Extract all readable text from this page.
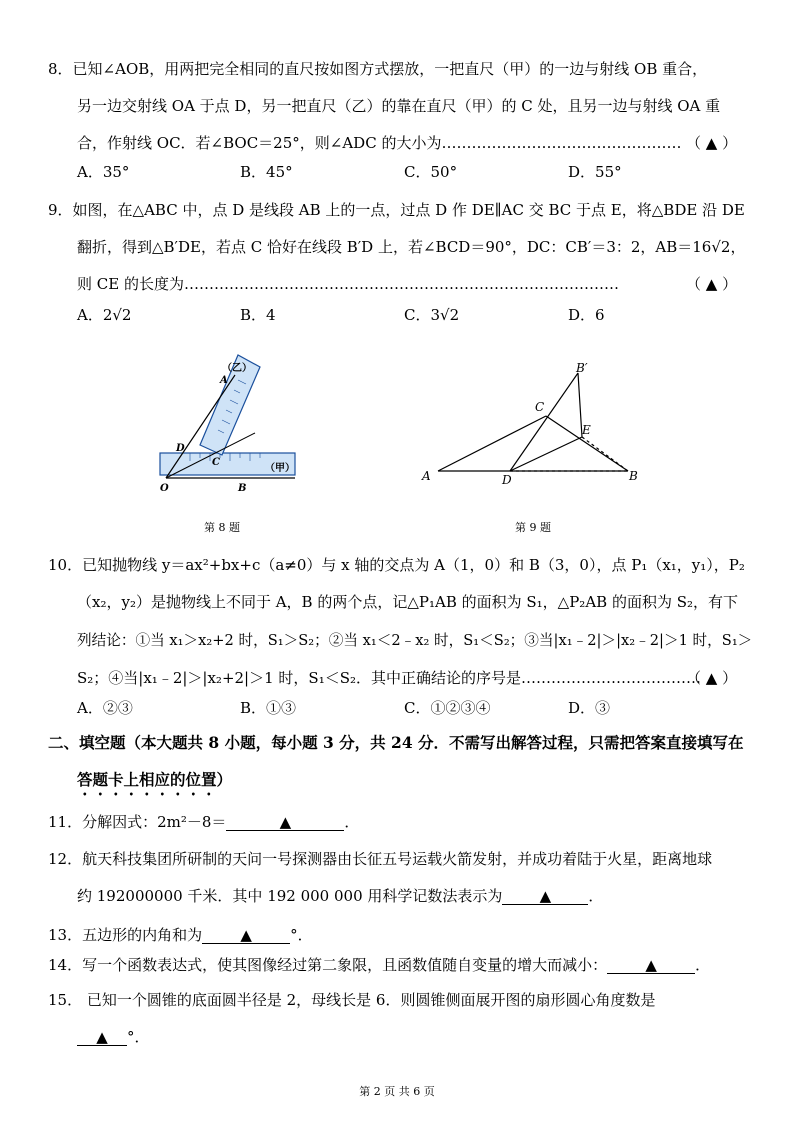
8．已知∠AOB，用两把完全相同的直尺按如图方式摆放，一把直尺（甲）的一边与射线 OB 重合，
另一边交射线 OA 于点 D，另一把直尺（乙）的靠在直尺（甲）的 C 处，且另一边与射线 OA 重
合，作射线 OC．若∠BOC＝25°，则∠ADC 的大小为………………………………………… （ ▲ ）
A．35°	B．45°	C．50°	D．55°
9．如图，在△ABC 中，点 D 是线段 AB 上的一点，过点 D 作 DE∥AC 交 BC 于点 E，将△BDE 沿 DE
翻折，得到△B′DE，若点 C 恰好在线段 B′D 上，若∠BCD＝90°，DC：CB′＝3：2，AB＝16√2，
则 CE 的长度为……………………………………………………………………………	（ ▲ ）
A．2√2	B．4	C．3√2	D．6
（甲）
（乙）
A
D
C
O	B
第 8 题
B′
C
E
A	D	B
第 9 题
10．已知抛物线 y＝ax²+bx+c（a≠0）与 x 轴的交点为 A（1，0）和 B（3，0），点 P₁（x₁，y₁），P₂
（x₂，y₂）是抛物线上不同于 A，B 的两个点，记△P₁AB 的面积为 S₁，△P₂AB 的面积为 S₂，有下
列结论：①当 x₁＞x₂+2 时，S₁＞S₂；②当 x₁＜2﹣x₂ 时，S₁＜S₂；③当|x₁﹣2|＞|x₂﹣2|＞1 时，S₁＞
S₂；④当|x₁﹣2|＞|x₂+2|＞1 时，S₁＜S₂．其中正确结论的序号是………………………………
（ ▲ ）
A．②③	B．①③	C．①②③④	D．③
二、填空题（本大题共 8 小题，每小题 3 分，共 24 分．不需写出解答过程，只需把答案直接填写在
答题卡上相应的位置）
11．分解因式：2m²－8＝	▲	．
12．航天科技集团所研制的天问一号探测器由长征五号运载火箭发射，并成功着陆于火星，距离地球
约 192000000 千米．其中 192 000 000 用科学记数法表示为 ▲ ．
13．五边形的内角和为	▲	°．
14．写一个函数表达式，使其图像经过第二象限，且函数值随自变量的增大而减小：	▲	．
15． 已知一个圆锥的底面圆半径是 2，母线长是 6．则圆锥侧面展开图的扇形圆心角度数是
▲ °．
第 2 页 共 6 页
